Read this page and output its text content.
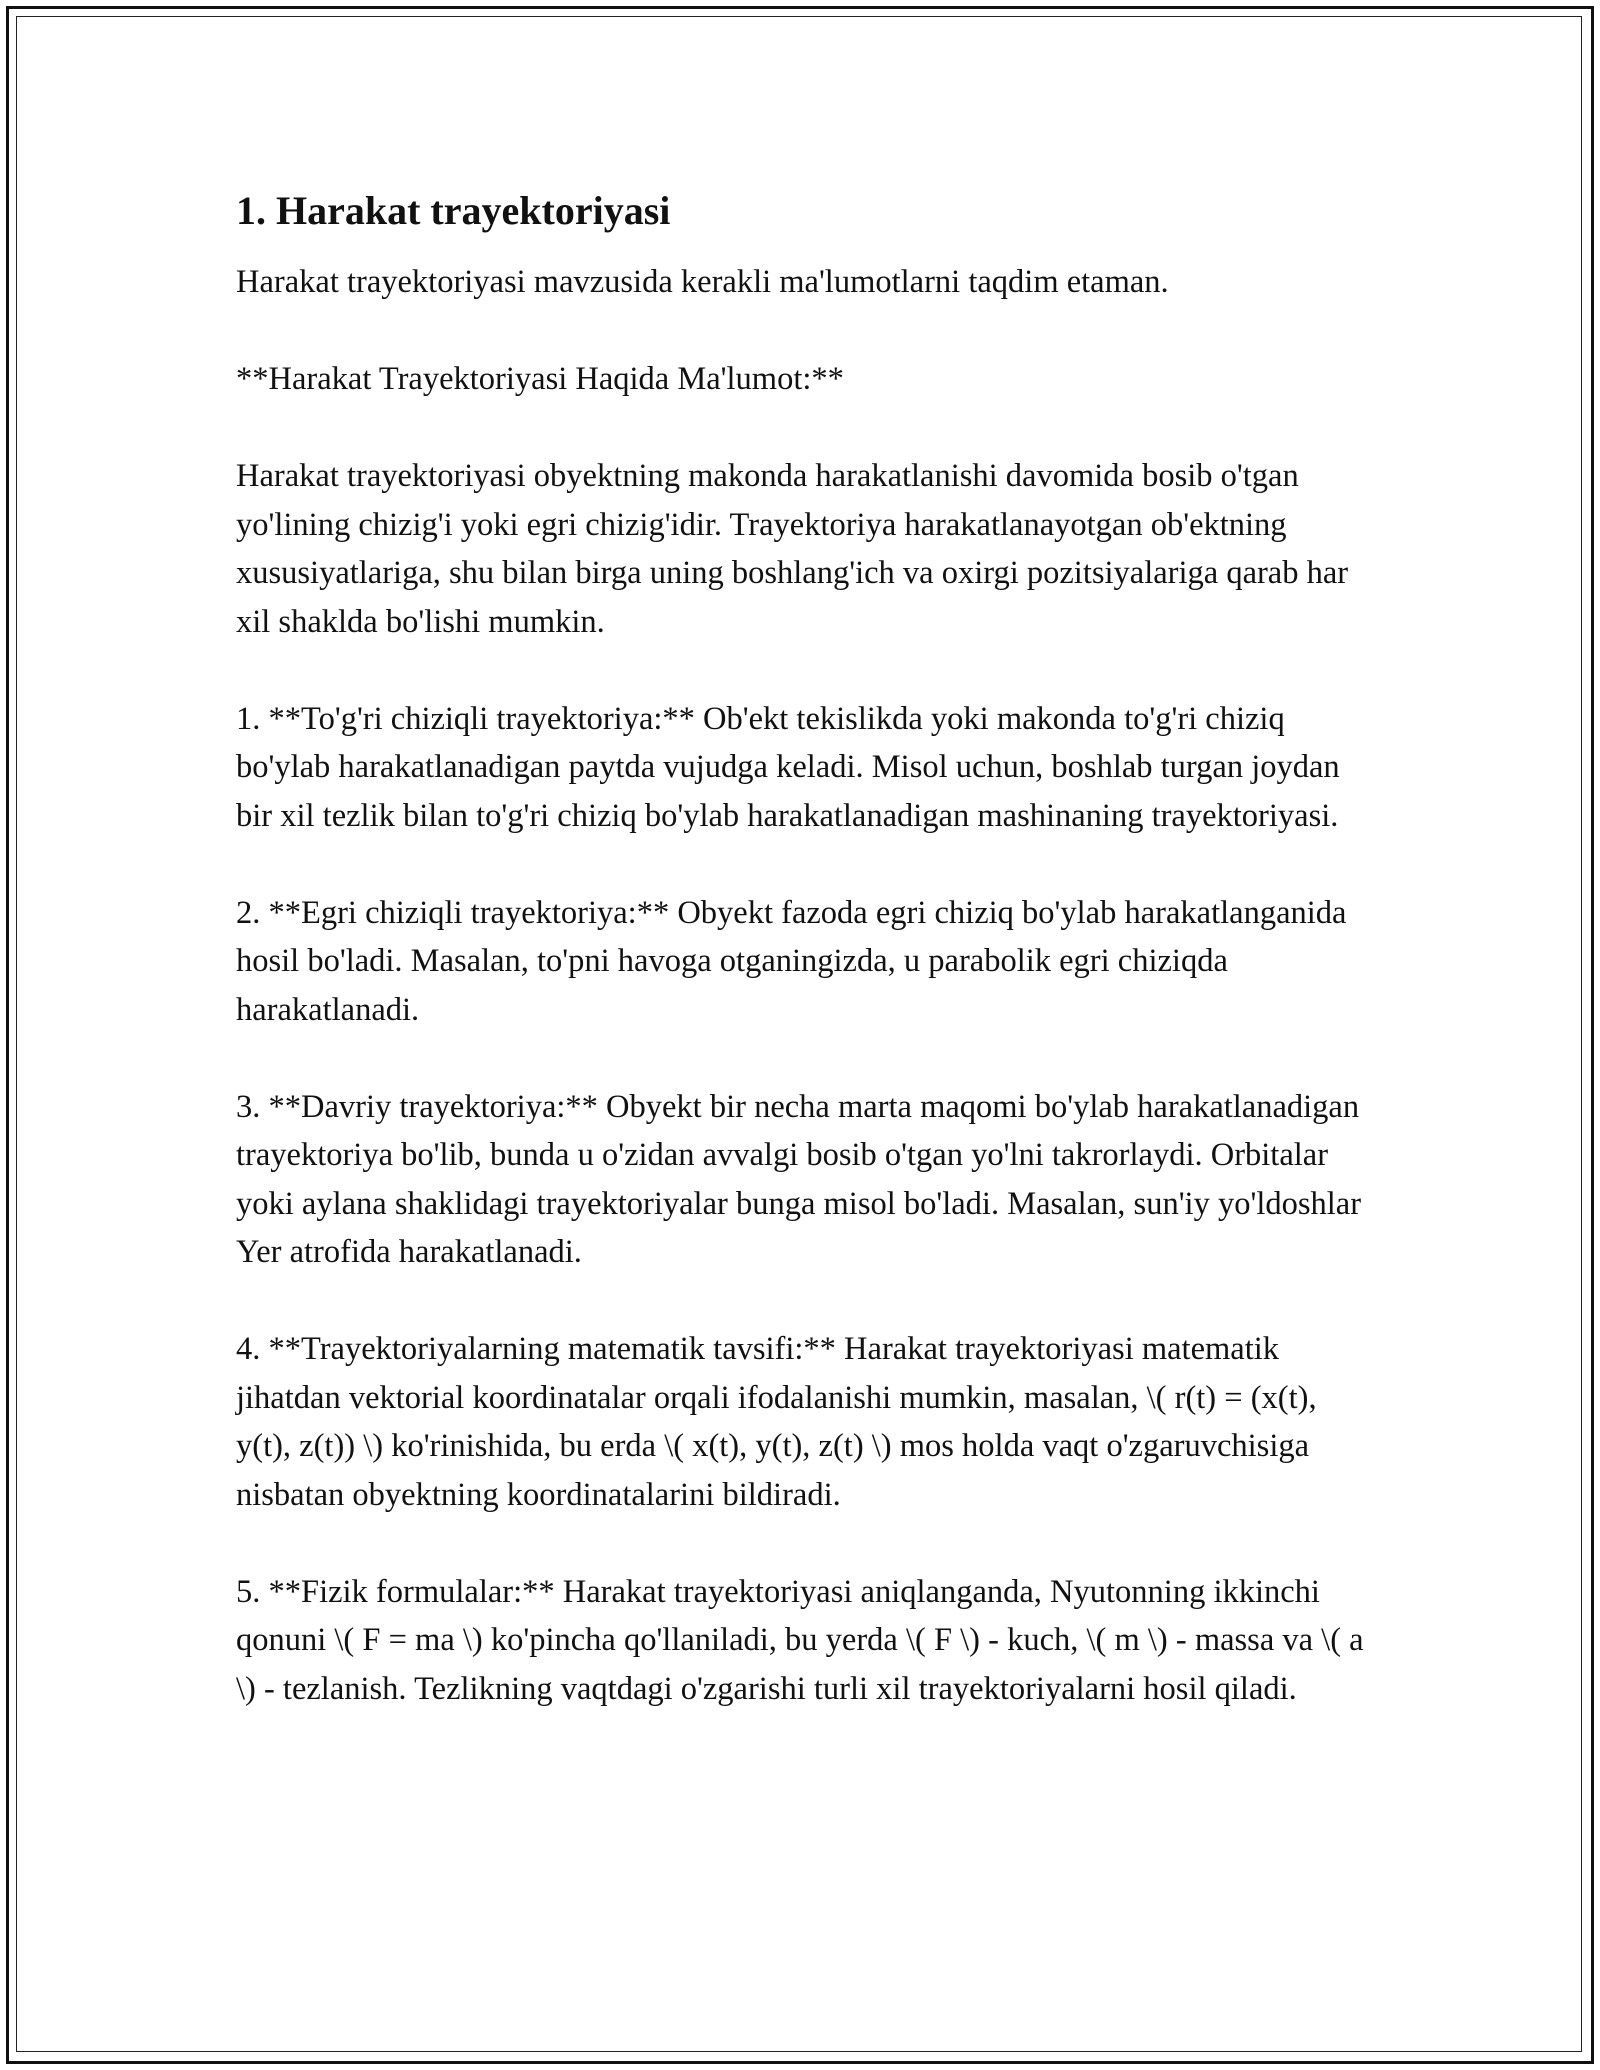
1. Harakat trayektoriyasi

Harakat trayektoriyasi mavzusida kerakli ma'lumotlarni taqdim etaman.

**Harakat Trayektoriyasi Haqida Ma'lumot:**

Harakat trayektoriyasi obyektning makonda harakatlanishi davomida bosib o'tgan yo'lining chizig'i yoki egri chizig'idir. Trayektoriya harakatlanayotgan ob'ektning xususiyatlariga, shu bilan birga uning boshlang'ich va oxirgi pozitsiyalariga qarab har xil shaklda bo'lishi mumkin.

1. **To'g'ri chiziqli trayektoriya:** Ob'ekt tekislikda yoki makonda to'g'ri chiziq bo'ylab harakatlanadigan paytda vujudga keladi. Misol uchun, boshlab turgan joydan bir xil tezlik bilan to'g'ri chiziq bo'ylab harakatlanadigan mashinaning trayektoriyasi.

2. **Egri chiziqli trayektoriya:** Obyekt fazoda egri chiziq bo'ylab harakatlanganida hosil bo'ladi. Masalan, to'pni havoga otganingizda, u parabolik egri chiziqda harakatlanadi.

3. **Davriy trayektoriya:** Obyekt bir necha marta maqomi bo'ylab harakatlanadigan trayektoriya bo'lib, bunda u o'zidan avvalgi bosib o'tgan yo'lni takrorlaydi. Orbitalar yoki aylana shaklidagi trayektoriyalar bunga misol bo'ladi. Masalan, sun'iy yo'ldoshlar Yer atrofida harakatlanadi.

4. **Trayektoriyalarning matematik tavsifi:** Harakat trayektoriyasi matematik jihatdan vektorial koordinatalar orqali ifodalanishi mumkin, masalan, \( r(t) = (x(t), y(t), z(t)) \) ko'rinishida, bu erda \( x(t), y(t), z(t) \) mos holda vaqt o'zgaruvchisiga nisbatan obyektning koordinatalarini bildiradi.

5. **Fizik formulalar:** Harakat trayektoriyasi aniqlanganda, Nyutonning ikkinchi qonuni \( F = ma \) ko'pincha qo'llaniladi, bu yerda \( F \) - kuch, \( m \) - massa va \( a \) - tezlanish. Tezlikning vaqtdagi o'zgarishi turli xil trayektoriyalarni hosil qiladi.
